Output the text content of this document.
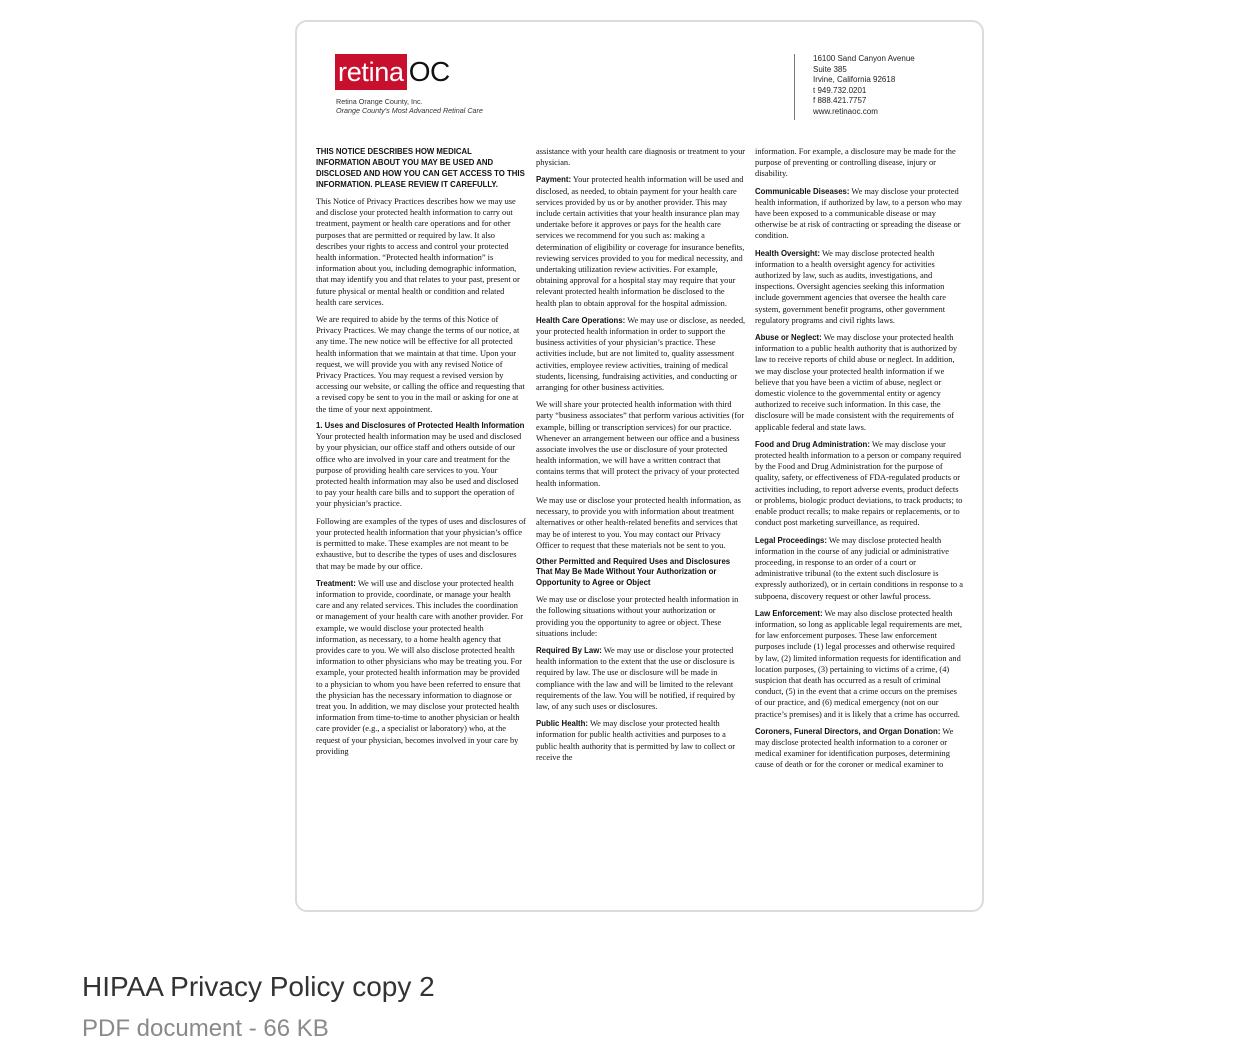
retina OC
Retina Orange County, Inc.
Orange County's Most Advanced Retinal Care
16100 Sand Canyon Avenue
Suite 385
Irvine, California 92618
t 949.732.0201
f 888.421.7757
www.retinaoc.com

THIS NOTICE DESCRIBES HOW MEDICAL INFORMATION ABOUT YOU MAY BE USED AND DISCLOSED AND HOW YOU CAN GET ACCESS TO THIS INFORMATION. PLEASE REVIEW IT CAREFULLY.

This Notice of Privacy Practices describes how we may use and disclose your protected health information to carry out treatment, payment or health care operations and for other purposes that are permitted or required by law. It also describes your rights to access and control your protected health information. “Protected health information” is information about you, including demographic information, that may identify you and that relates to your past, present or future physical or mental health or condition and related health care services.

We are required to abide by the terms of this Notice of Privacy Practices. We may change the terms of our notice, at any time. The new notice will be effective for all protected health information that we maintain at that time. Upon your request, we will provide you with any revised Notice of Privacy Practices. You may request a revised version by accessing our website, or calling the office and requesting that a revised copy be sent to you in the mail or asking for one at the time of your next appointment.

1. Uses and Disclosures of Protected Health Information

Your protected health information may be used and disclosed by your physician, our office staff and others outside of our office who are involved in your care and treatment for the purpose of providing health care services to you. Your protected health information may also be used and disclosed to pay your health care bills and to support the operation of your physician’s practice.

Following are examples of the types of uses and disclosures of your protected health information that your physician’s office is permitted to make. These examples are not meant to be exhaustive, but to describe the types of uses and disclosures that may be made by our office.

Treatment: We will use and disclose your protected health information to provide, coordinate, or manage your health care and any related services. This includes the coordination or management of your health care with another provider. For example, we would disclose your protected health information, as necessary, to a home health agency that provides care to you. We will also disclose protected health information to other physicians who may be treating you. For example, your protected health information may be provided to a physician to whom you have been referred to ensure that the physician has the necessary information to diagnose or treat you. In addition, we may disclose your protected health information from time-to-time to another physician or health care provider (e.g., a specialist or laboratory) who, at the request of your physician, becomes involved in your care by providing

assistance with your health care diagnosis or treatment to your physician.

Payment: Your protected health information will be used and disclosed, as needed, to obtain payment for your health care services provided by us or by another provider. This may include certain activities that your health insurance plan may undertake before it approves or pays for the health care services we recommend for you such as: making a determination of eligibility or coverage for insurance benefits, reviewing services provided to you for medical necessity, and undertaking utilization review activities. For example, obtaining approval for a hospital stay may require that your relevant protected health information be disclosed to the health plan to obtain approval for the hospital admission.

Health Care Operations: We may use or disclose, as needed, your protected health information in order to support the business activities of your physician’s practice. These activities include, but are not limited to, quality assessment activities, employee review activities, training of medical students, licensing, fundraising activities, and conducting or arranging for other business activities.

We will share your protected health information with third party “business associates” that perform various activities (for example, billing or transcription services) for our practice. Whenever an arrangement between our office and a business associate involves the use or disclosure of your protected health information, we will have a written contract that contains terms that will protect the privacy of your protected health information.

We may use or disclose your protected health information, as necessary, to provide you with information about treatment alternatives or other health-related benefits and services that may be of interest to you. You may contact our Privacy Officer to request that these materials not be sent to you.

Other Permitted and Required Uses and Disclosures That May Be Made Without Your Authorization or Opportunity to Agree or Object

We may use or disclose your protected health information in the following situations without your authorization or providing you the opportunity to agree or object. These situations include:

Required By Law: We may use or disclose your protected health information to the extent that the use or disclosure is required by law. The use or disclosure will be made in compliance with the law and will be limited to the relevant requirements of the law. You will be notified, if required by law, of any such uses or disclosures.

Public Health: We may disclose your protected health information for public health activities and purposes to a public health authority that is permitted by law to collect or receive the

information. For example, a disclosure may be made for the purpose of preventing or controlling disease, injury or disability.

Communicable Diseases: We may disclose your protected health information, if authorized by law, to a person who may have been exposed to a communicable disease or may otherwise be at risk of contracting or spreading the disease or condition.

Health Oversight: We may disclose protected health information to a health oversight agency for activities authorized by law, such as audits, investigations, and inspections. Oversight agencies seeking this information include government agencies that oversee the health care system, government benefit programs, other government regulatory programs and civil rights laws.

Abuse or Neglect: We may disclose your protected health information to a public health authority that is authorized by law to receive reports of child abuse or neglect. In addition, we may disclose your protected health information if we believe that you have been a victim of abuse, neglect or domestic violence to the governmental entity or agency authorized to receive such information. In this case, the disclosure will be made consistent with the requirements of applicable federal and state laws.

Food and Drug Administration: We may disclose your protected health information to a person or company required by the Food and Drug Administration for the purpose of quality, safety, or effectiveness of FDA-regulated products or activities including, to report adverse events, product defects or problems, biologic product deviations, to track products; to enable product recalls; to make repairs or replacements, or to conduct post marketing surveillance, as required.

Legal Proceedings: We may disclose protected health information in the course of any judicial or administrative proceeding, in response to an order of a court or administrative tribunal (to the extent such disclosure is expressly authorized), or in certain conditions in response to a subpoena, discovery request or other lawful process.

Law Enforcement: We may also disclose protected health information, so long as applicable legal requirements are met, for law enforcement purposes. These law enforcement purposes include (1) legal processes and otherwise required by law, (2) limited information requests for identification and location purposes, (3) pertaining to victims of a crime, (4) suspicion that death has occurred as a result of criminal conduct, (5) in the event that a crime occurs on the premises of our practice, and (6) medical emergency (not on our practice’s premises) and it is likely that a crime has occurred.

Coroners, Funeral Directors, and Organ Donation: We may disclose protected health information to a coroner or medical examiner for identification purposes, determining cause of death or for the coroner or medical examiner to

HIPAA Privacy Policy copy 2
PDF document - 66 KB
